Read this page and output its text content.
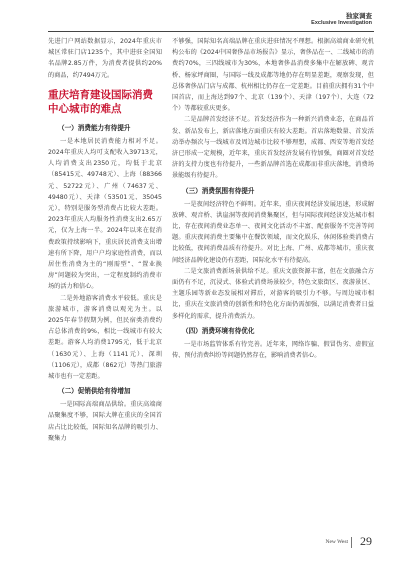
独家调查
Exclusive Investigation

先进门户网站数据显示，2024年重庆市城区常驻门店1235个，其中进驻全国知名品牌2.85万件，为消费者提供约20%的商品，约7494万元。

重庆培育建设国际消费中心城市的难点
（一）消费能力有待提升

一是本地居民消费能力相对不足。2024年重庆人均可支配收入39713元，人均消费支出2350元，均低于北京（85415元、49748元）、上海（88366元、52722元）、广州（74637元、49480元）、天津（53501元、35045元），特别是服务型消费占比较大差距。2023年重庆人均服务性消费支出2.65万元，仅为上海一半。2024年以来在促消费政策持续影响下，重庆居民消费支出增速有所下降，用户户均家庭性消费，而以居住性消费为主的“刚需型”、“置业换房”问题较为突出，一定程度制约消费市场的活力和信心。

二是外地游客消费水平较低。重庆是旅游城市，游客消费以观光为主。以2025年春节假期为例，但民宿类消费约占总体消费的9%，相比一线城市有较大差距。游客人均消费1795元，低于北京（1630元）、上海（1141元）、深圳（1106元），成都（862元）等热门旅游城市也有一定差距。

（二）促销供给有待增加

一是国际高端商品供给。重庆高端商品聚集度不够，国际大牌在重庆的全国首店占比比较低，国际知名品牌的吸引力、聚集力

不够强，国际知名高端品牌在重庆进驻情况不理想。根据高端商业研究机构公布的《2024中国奢侈品市场报告》显示，奢侈品在一、二线城市的消费约70%，三四线城市为30%，本地奢侈品消费多集中在解放碑、观音桥、杨家坪商圈，与国际一线及成都等地仍存在明显差距，观察发现，但总体奢侈品门店与成都、杭州相比仍存在一定差距。目前重庆拥有31个中国首店，而上海达到97个、北京（139个）、天津（197个）、大连（72个）等都较重庆更多。

二是品牌首发经济不足。首发经济作为一种新兴消费业态，在商品首发、新品发布上，新店落地方面重庆有较大差距。首店落地数量、首发活动举办频次与一线城市及周边城市比较不够理想，成都、西安等地首发经济已形成一定规模，近年来，重庆首发经济发展有待加强，商圈对首发经济的支持力度也有待提升，一些新品牌首选在成都而非重庆落地，消费场景能级有待提升。

（三）消费氛围有待提升

一是夜间经济特色不鲜明。近年来，重庆夜间经济发展迅速，形成解放碑、观音桥、洪崖洞等夜间消费集聚区，但与国际夜间经济发达城市相比，存在夜间消费业态单一、夜间文化活动不丰富、配套服务不完善等问题。重庆夜间消费主要集中在餐饮领域，而文化娱乐、休闲体验类消费占比较低，夜间消费品质有待提升。对比上海、广州、成都等城市，重庆夜间经济品牌化建设仍有差距，国际化水平有待提高。

二是文旅消费新场景供给不足。重庆文旅资源丰富，但在文旅融合方面仍有不足，沉浸式、体验式消费场景较少，特色文旅街区、夜游景区、主题乐园等新业态发展相对滞后，对游客的吸引力不够。与周边城市相比，重庆在文旅消费的创新性和特色化方面仍需加强，以满足消费者日益多样化的需求，提升消费活力。

（四）消费环境有待优化

一是市场监管体系有待完善。近年来，网络诈骗、假冒伪劣、虚假宣传、预付消费纠纷等问题仍然存在，影响消费者信心。

New West 29
